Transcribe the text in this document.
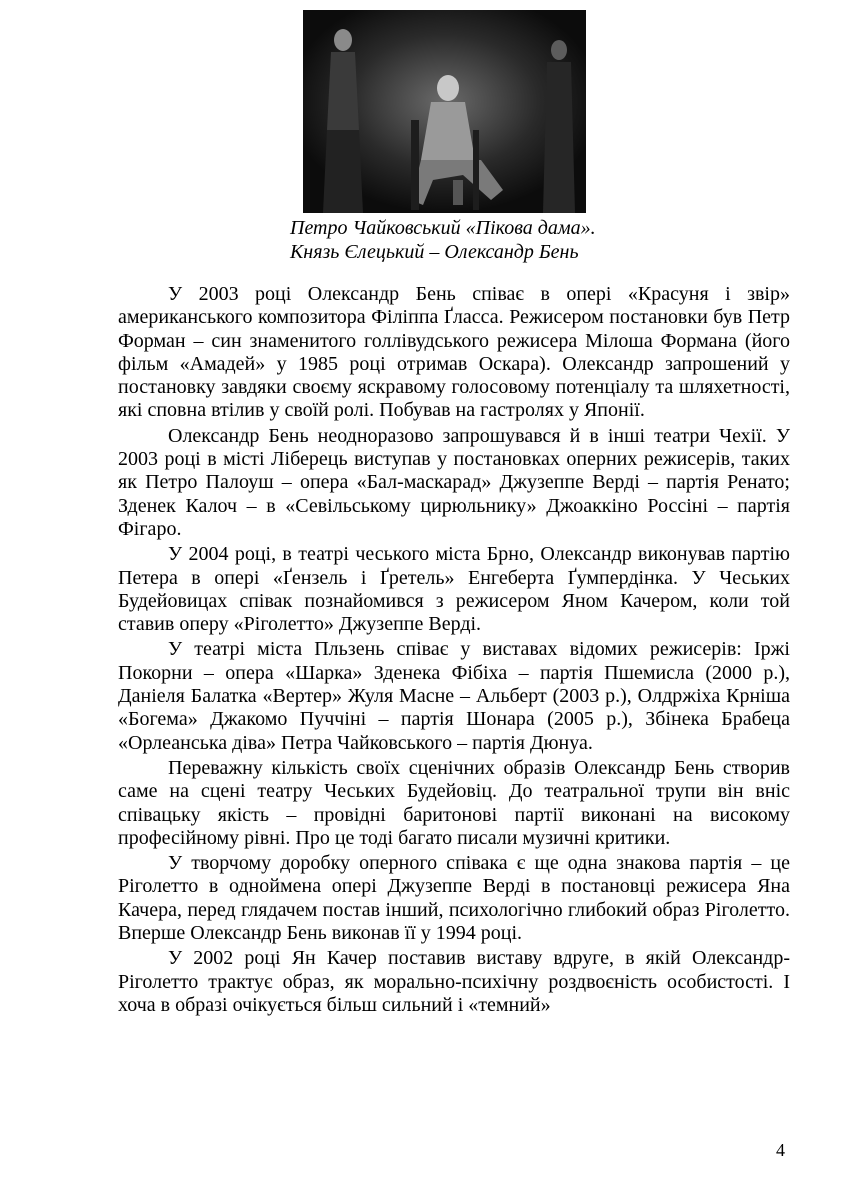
Петро Чайковський «Пікова дама».
Князь Єлецький – Олександр Бень

У 2003 році Олександр Бень співає в опері «Красуня і звір» американського композитора Філіппа Ґласса. Режисером постановки був Петр Форман – син знаменитого голлівудського режисера Мілоша Формана (його фільм «Амадей» у 1985 році отримав Оскара). Олександр запрошений у постановку завдяки своєму яскравому голосовому потенціалу та шляхетності, які сповна втілив у своїй ролі. Побував на гастролях у Японії.

Олександр Бень неодноразово запрошувався й в інші театри Чехії. У 2003 році в місті Ліберець виступав у постановках оперних режисерів, таких як Петро Палоуш – опера «Бал-маскарад» Джузеппе Верді – партія Ренато; Зденек Калоч – в «Севільському цирюльнику» Джоаккіно Россіні – партія Фігаро.

У 2004 році, в театрі чеського міста Брно, Олександр виконував партію Петера в опері «Ґензель і Ґретель» Енгеберта Ґумпердінка. У Чеських Будейовицах співак познайомився з режисером Яном Качером, коли той ставив оперу «Ріголетто» Джузеппе Верді.

У театрі міста Пльзень співає у виставах відомих режисерів: Іржі Покорни – опера «Шарка» Зденека Фібіха – партія Пшемисла (2000 р.), Даніеля Балатка «Вертер» Жуля Масне – Альберт (2003 р.), Олдржіха Крніша «Богема» Джакомо Пуччіні – партія Шонара (2005 р.), Збінека Брабеца «Орлеанська діва» Петра Чайковського – партія Дюнуа.

Переважну кількість своїх сценічних образів Олександр Бень створив саме на сцені театру Чеських Будейовіц. До театральної трупи він вніс співацьку якість – провідні баритонові партії виконані на високому професійному рівні. Про це тоді багато писали музичні критики.

У творчому доробку оперного співака є ще одна знакова партія – це Ріголетто в одноймена опері Джузеппе Верді в постановці режисера Яна Качера, перед глядачем постав інший, психологічно глибокий образ Ріголетто. Вперше Олександр Бень виконав її у 1994 році.

У 2002 році Ян Качер поставив виставу вдруге, в якій Олександр-Ріголетто трактує образ, як морально-психічну роздвоєність особистості. І хоча в образі очікується більш сильний і «темний»

4
